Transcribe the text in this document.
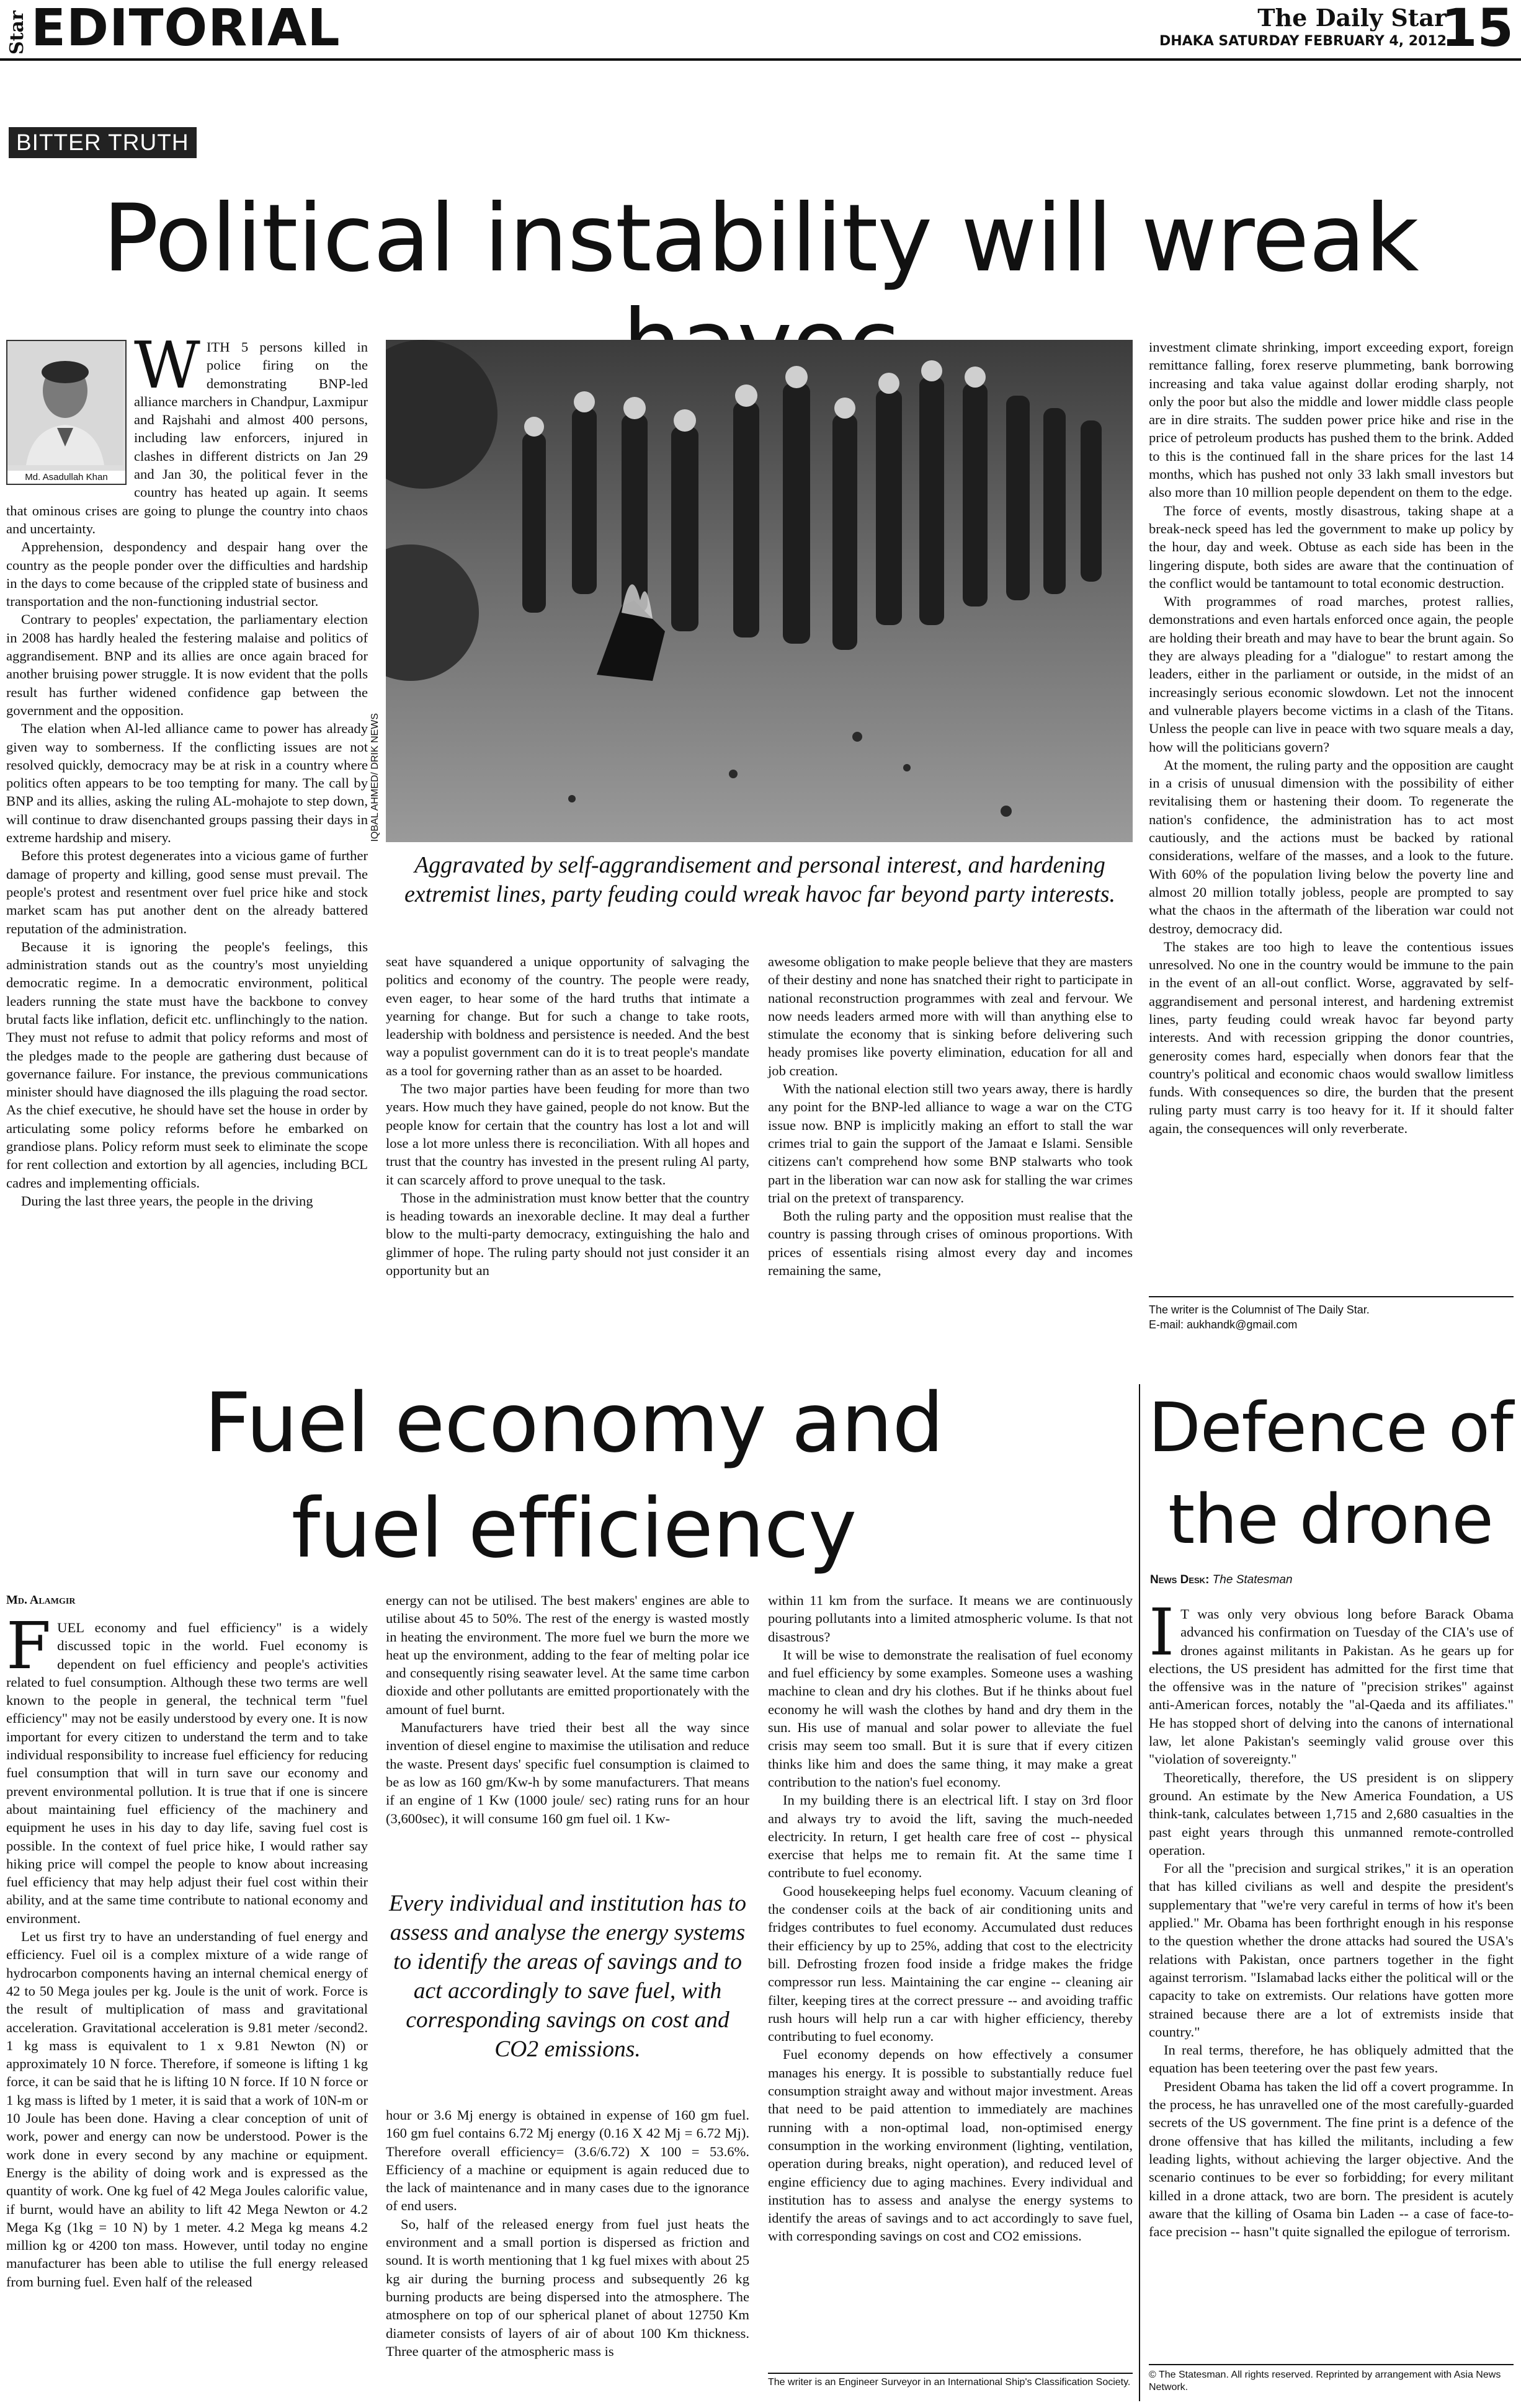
Star EDITORIAL	The Daily Star
DHAKA SATURDAY FEBRUARY 4, 2012
15
BITTER TRUTH
Political instability will wreak
Md. Asadullah Khan
W ITH 5 persons killed in police firing on the demonstrating BNP-led alliance marchers in Chandpur, Laxmipur and Rajshahi and almost 400 persons, including law enforcers, injured in clashes in different districts on Jan 29 and Jan 30, the political fever in the country has heated up again. It seems that ominous crises are going to plunge the country into chaos and uncertainty.

Apprehension, despondency and despair hang over the country as the people ponder over the difficulties and hardship in the days to come because of the crippled state of business and transportation and the non-functioning industrial sector.

Contrary to peoples' expectation, the parliamentary election in 2008 has hardly healed the festering malaise and politics of aggrandisement. BNP and its allies are once again braced for another bruising power struggle. It is now evident that the polls result has further widened confidence gap between the government and the opposition.

The elation when Al-led alliance came to power has already given way to somberness. If the conflicting issues are not resolved quickly, democracy may be at risk in a country where politics often appears to be too tempting for many. The call by BNP and its allies, asking the ruling AL-mohajote to step down, will continue to draw disenchanted groups passing their days in extreme hardship and misery.

Before this protest degenerates into a vicious game of further damage of property and killing, good sense must prevail. The people's protest and resentment over fuel price hike and stock market scam has put another dent on the already battered reputation of the administration.

Because it is ignoring the people's feelings, this administration stands out as the country's most unyielding democratic regime. In a democratic environment, political leaders running the state must have the backbone to convey brutal facts like inflation, deficit etc. unflinchingly to the nation. They must not refuse to admit that policy reforms and most of the pledges made to the people are gathering dust because of governance failure. For instance, the previous communications minister should have diagnosed the ills plaguing the road sector. As the chief executive, he should have set the house in order by articulating some policy reforms before he embarked on grandiose plans. Policy reform must seek to eliminate the scope for rent collection and extortion by all agencies, including BCL cadres and implementing officials.

During the last three years, the people in the driving

IQBAL AHMED/ DRIK NEWS
Aggravated by self-aggrandisement and personal interest, and hardening extremist lines, party feuding could wreak havoc far beyond party interests.

seat have squandered a unique opportunity of salvaging the politics and economy of the country. The people were ready, even eager, to hear some of the hard truths that intimate a yearning for change. But for such a change to take roots, leadership with boldness and persistence is needed. And the best way a populist government can do it is to treat people's mandate as a tool for governing rather than as an asset to be hoarded.

The two major parties have been feuding for more than two years. How much they have gained, people do not know. But the people know for certain that the country has lost a lot and will lose a lot more unless there is reconciliation. With all hopes and trust that the country has invested in the present ruling Al party, it can scarcely afford to prove unequal to the task.

Those in the administration must know better that the country is heading towards an inexorable decline. It may deal a further blow to the multi-party democracy, extinguishing the halo and glimmer of hope. The ruling party should not just consider it an opportunity but an

awesome obligation to make people believe that they are masters of their destiny and none has snatched their right to participate in national reconstruction programmes with zeal and fervour. We now needs leaders armed more with will than anything else to stimulate the economy that is sinking before delivering such heady promises like poverty elimination, education for all and job creation.

With the national election still two years away, there is hardly any point for the BNP-led alliance to wage a war on the CTG issue now. BNP is implicitly making an effort to stall the war crimes trial to gain the support of the Jamaat e Islami. Sensible citizens can't comprehend how some BNP stalwarts who took part in the liberation war can now ask for stalling the war crimes trial on the pretext of transparency.

Both the ruling party and the opposition must realise that the country is passing through crises of ominous proportions. With prices of essentials rising almost every day and incomes remaining the same,

investment climate shrinking, import exceeding export, foreign remittance falling, forex reserve plummeting, bank borrowing increasing and taka value against dollar eroding sharply, not only the poor but also the middle and lower middle class people are in dire straits. The sudden power price hike and rise in the price of petroleum products has pushed them to the brink. Added to this is the continued fall in the share prices for the last 14 months, which has pushed not only 33 lakh small investors but also more than 10 million people dependent on them to the edge.

The force of events, mostly disastrous, taking shape at a break-neck speed has led the government to make up policy by the hour, day and week. Obtuse as each side has been in the lingering dispute, both sides are aware that the continuation of the conflict would be tantamount to total economic destruction.

With programmes of road marches, protest rallies, demonstrations and even hartals enforced once again, the people are holding their breath and may have to bear the brunt again. So they are always pleading for a "dialogue" to restart among the leaders, either in the parliament or outside, in the midst of an increasingly serious economic slowdown. Let not the innocent and vulnerable players become victims in a clash of the Titans. Unless the people can live in peace with two square meals a day, how will the politicians govern?

At the moment, the ruling party and the opposition are caught in a crisis of unusual dimension with the possibility of either revitalising them or hastening their doom. To regenerate the nation's confidence, the administration has to act most cautiously, and the actions must be backed by rational considerations, welfare of the masses, and a look to the future. With 60% of the population living below the poverty line and almost 20 million totally jobless, people are prompted to say what the chaos in the aftermath of the liberation war could not destroy, democracy did.

The stakes are too high to leave the contentious issues unresolved. No one in the country would be immune to the pain in the event of an all-out conflict. Worse, aggravated by self-aggrandisement and personal interest, and hardening extremist lines, party feuding could wreak havoc far beyond party interests. And with recession gripping the donor countries, generosity comes hard, especially when donors fear that the country's political and economic chaos would swallow limitless funds. With consequences so dire, the burden that the present ruling party must carry is too heavy for it. If it should falter again, the consequences will only reverberate.

The writer is the Columnist of The Daily Star.
E-mail: aukhandk@gmail.com
Fuel economy and
fuel efficiency
Md. Alamgir
F UEL economy and fuel efficiency" is a widely discussed topic in the world. Fuel economy is dependent on fuel efficiency and people's activities related to fuel consumption. Although these two terms are well known to the people in general, the technical term "fuel efficiency" may not be easily understood by every one. It is now important for every citizen to understand the term and to take individual responsibility to increase fuel efficiency for reducing fuel consumption that will in turn save our economy and prevent environmental pollution. It is true that if one is sincere about maintaining fuel efficiency of the machinery and equipment he uses in his day to day life, saving fuel cost is possible. In the context of fuel price hike, I would rather say hiking price will compel the people to know about increasing fuel efficiency that may help adjust their fuel cost within their ability, and at the same time contribute to national economy and environment.

Let us first try to have an understanding of fuel energy and efficiency. Fuel oil is a complex mixture of a wide range of hydrocarbon components having an internal chemical energy of 42 to 50 Mega joules per kg. Joule is the unit of work. Force is the result of multiplication of mass and gravitational acceleration. Gravitational acceleration is 9.81 meter /second2. 1 kg mass is equivalent to 1 x 9.81 Newton (N) or approximately 10 N force. Therefore, if someone is lifting 1 kg force, it can be said that he is lifting 10 N force. If 10 N force or 1 kg mass is lifted by 1 meter, it is said that a work of 10N-m or 10 Joule has been done. Having a clear conception of unit of work, power and energy can now be understood. Power is the work done in every second by any machine or equipment. Energy is the ability of doing work and is expressed as the quantity of work. One kg fuel of 42 Mega Joules calorific value, if burnt, would have an ability to lift 42 Mega Newton or 4.2 Mega Kg (1kg = 10 N) by 1 meter. 4.2 Mega kg means 4.2 million kg or 4200 ton mass. However, until today no engine manufacturer has been able to utilise the full energy released from burning fuel. Even half of the released

energy can not be utilised. The best makers' engines are able to utilise about 45 to 50%. The rest of the energy is wasted mostly in heating the environment. The more fuel we burn the more we heat up the environment, adding to the fear of melting polar ice and consequently rising seawater level. At the same time carbon dioxide and other pollutants are emitted proportionately with the amount of fuel burnt.

Manufacturers have tried their best all the way since invention of diesel engine to maximise the utilisation and reduce the waste. Present days' specific fuel consumption is claimed to be as low as 160 gm/Kw-h by some manufacturers. That means if an engine of 1 Kw (1000 joule/ sec) rating runs for an hour (3,600sec), it will consume 160 gm fuel oil. 1 Kw-

Every individual and institution has to assess and analyse the energy systems to identify the areas of savings and to act accordingly to save fuel, with corresponding savings on cost and CO2 emissions.

hour or 3.6 Mj energy is obtained in expense of 160 gm fuel. 160 gm fuel contains 6.72 Mj energy (0.16 X 42 Mj = 6.72 Mj). Therefore overall efficiency= (3.6/6.72) X 100 = 53.6%. Efficiency of a machine or equipment is again reduced due to the lack of maintenance and in many cases due to the ignorance of end users.

So, half of the released energy from fuel just heats the environment and a small portion is dispersed as friction and sound. It is worth mentioning that 1 kg fuel mixes with about 25 kg air during the burning process and subsequently 26 kg burning products are being dispersed into the atmosphere. The atmosphere on top of our spherical planet of about 12750 Km diameter consists of layers of air of about 100 Km thickness. Three quarter of the atmospheric mass is

within 11 km from the surface. It means we are continuously pouring pollutants into a limited atmospheric volume. Is that not disastrous?

It will be wise to demonstrate the realisation of fuel economy and fuel efficiency by some examples. Someone uses a washing machine to clean and dry his clothes. But if he thinks about fuel economy he will wash the clothes by hand and dry them in the sun. His use of manual and solar power to alleviate the fuel crisis may seem too small. But it is sure that if every citizen thinks like him and does the same thing, it may make a great contribution to the nation's fuel economy.

In my building there is an electrical lift. I stay on 3rd floor and always try to avoid the lift, saving the much-needed electricity. In return, I get health care free of cost -- physical exercise that helps me to remain fit. At the same time I contribute to fuel economy.

Good housekeeping helps fuel economy. Vacuum cleaning of the condenser coils at the back of air conditioning units and fridges contributes to fuel economy. Accumulated dust reduces their efficiency by up to 25%, adding that cost to the electricity bill. Defrosting frozen food inside a fridge makes the fridge compressor run less. Maintaining the car engine -- cleaning air filter, keeping tires at the correct pressure -- and avoiding traffic rush hours will help run a car with higher efficiency, thereby contributing to fuel economy.

Fuel economy depends on how effectively a consumer manages his energy. It is possible to substantially reduce fuel consumption straight away and without major investment. Areas that need to be paid attention to immediately are machines running with a non-optimal load, non-optimised energy consumption in the working environment (lighting, ventilation, operation during breaks, night operation), and reduced level of engine efficiency due to aging machines. Every individual and institution has to assess and analyse the energy systems to identify the areas of savings and to act accordingly to save fuel, with corresponding savings on cost and CO2 emissions.

The writer is an Engineer Surveyor in an International Ship's Classification Society.
Defence of
the drone
News Desk: The Statesman
I T was only very obvious long before Barack Obama advanced his confirmation on Tuesday of the CIA's use of drones against militants in Pakistan. As he gears up for elections, the US president has admitted for the first time that the offensive was in the nature of "precision strikes" against anti-American forces, notably the "al-Qaeda and its affiliates." He has stopped short of delving into the canons of international law, let alone Pakistan's seemingly valid grouse over this "violation of sovereignty."

Theoretically, therefore, the US president is on slippery ground. An estimate by the New America Foundation, a US think-tank, calculates between 1,715 and 2,680 casualties in the past eight years through this unmanned remote-controlled operation.

For all the "precision and surgical strikes," it is an operation that has killed civilians as well and despite the president's supplementary that "we're very careful in terms of how it's been applied." Mr. Obama has been forthright enough in his response to the question whether the drone attacks had soured the USA's relations with Pakistan, once partners together in the fight against terrorism. "Islamabad lacks either the political will or the capacity to take on extremists. Our relations have gotten more strained because there are a lot of extremists inside that country."

In real terms, therefore, he has obliquely admitted that the equation has been teetering over the past few years.

President Obama has taken the lid off a covert programme. In the process, he has unravelled one of the most carefully-guarded secrets of the US government. The fine print is a defence of the drone offensive that has killed the militants, including a few leading lights, without achieving the larger objective. And the scenario continues to be ever so forbidding; for every militant killed in a drone attack, two are born. The president is acutely aware that the killing of Osama bin Laden -- a case of face-to-face precision -- hasn"t quite signalled the epilogue of terrorism.

© The Statesman. All rights reserved. Reprinted by arrangement with Asia News Network.
